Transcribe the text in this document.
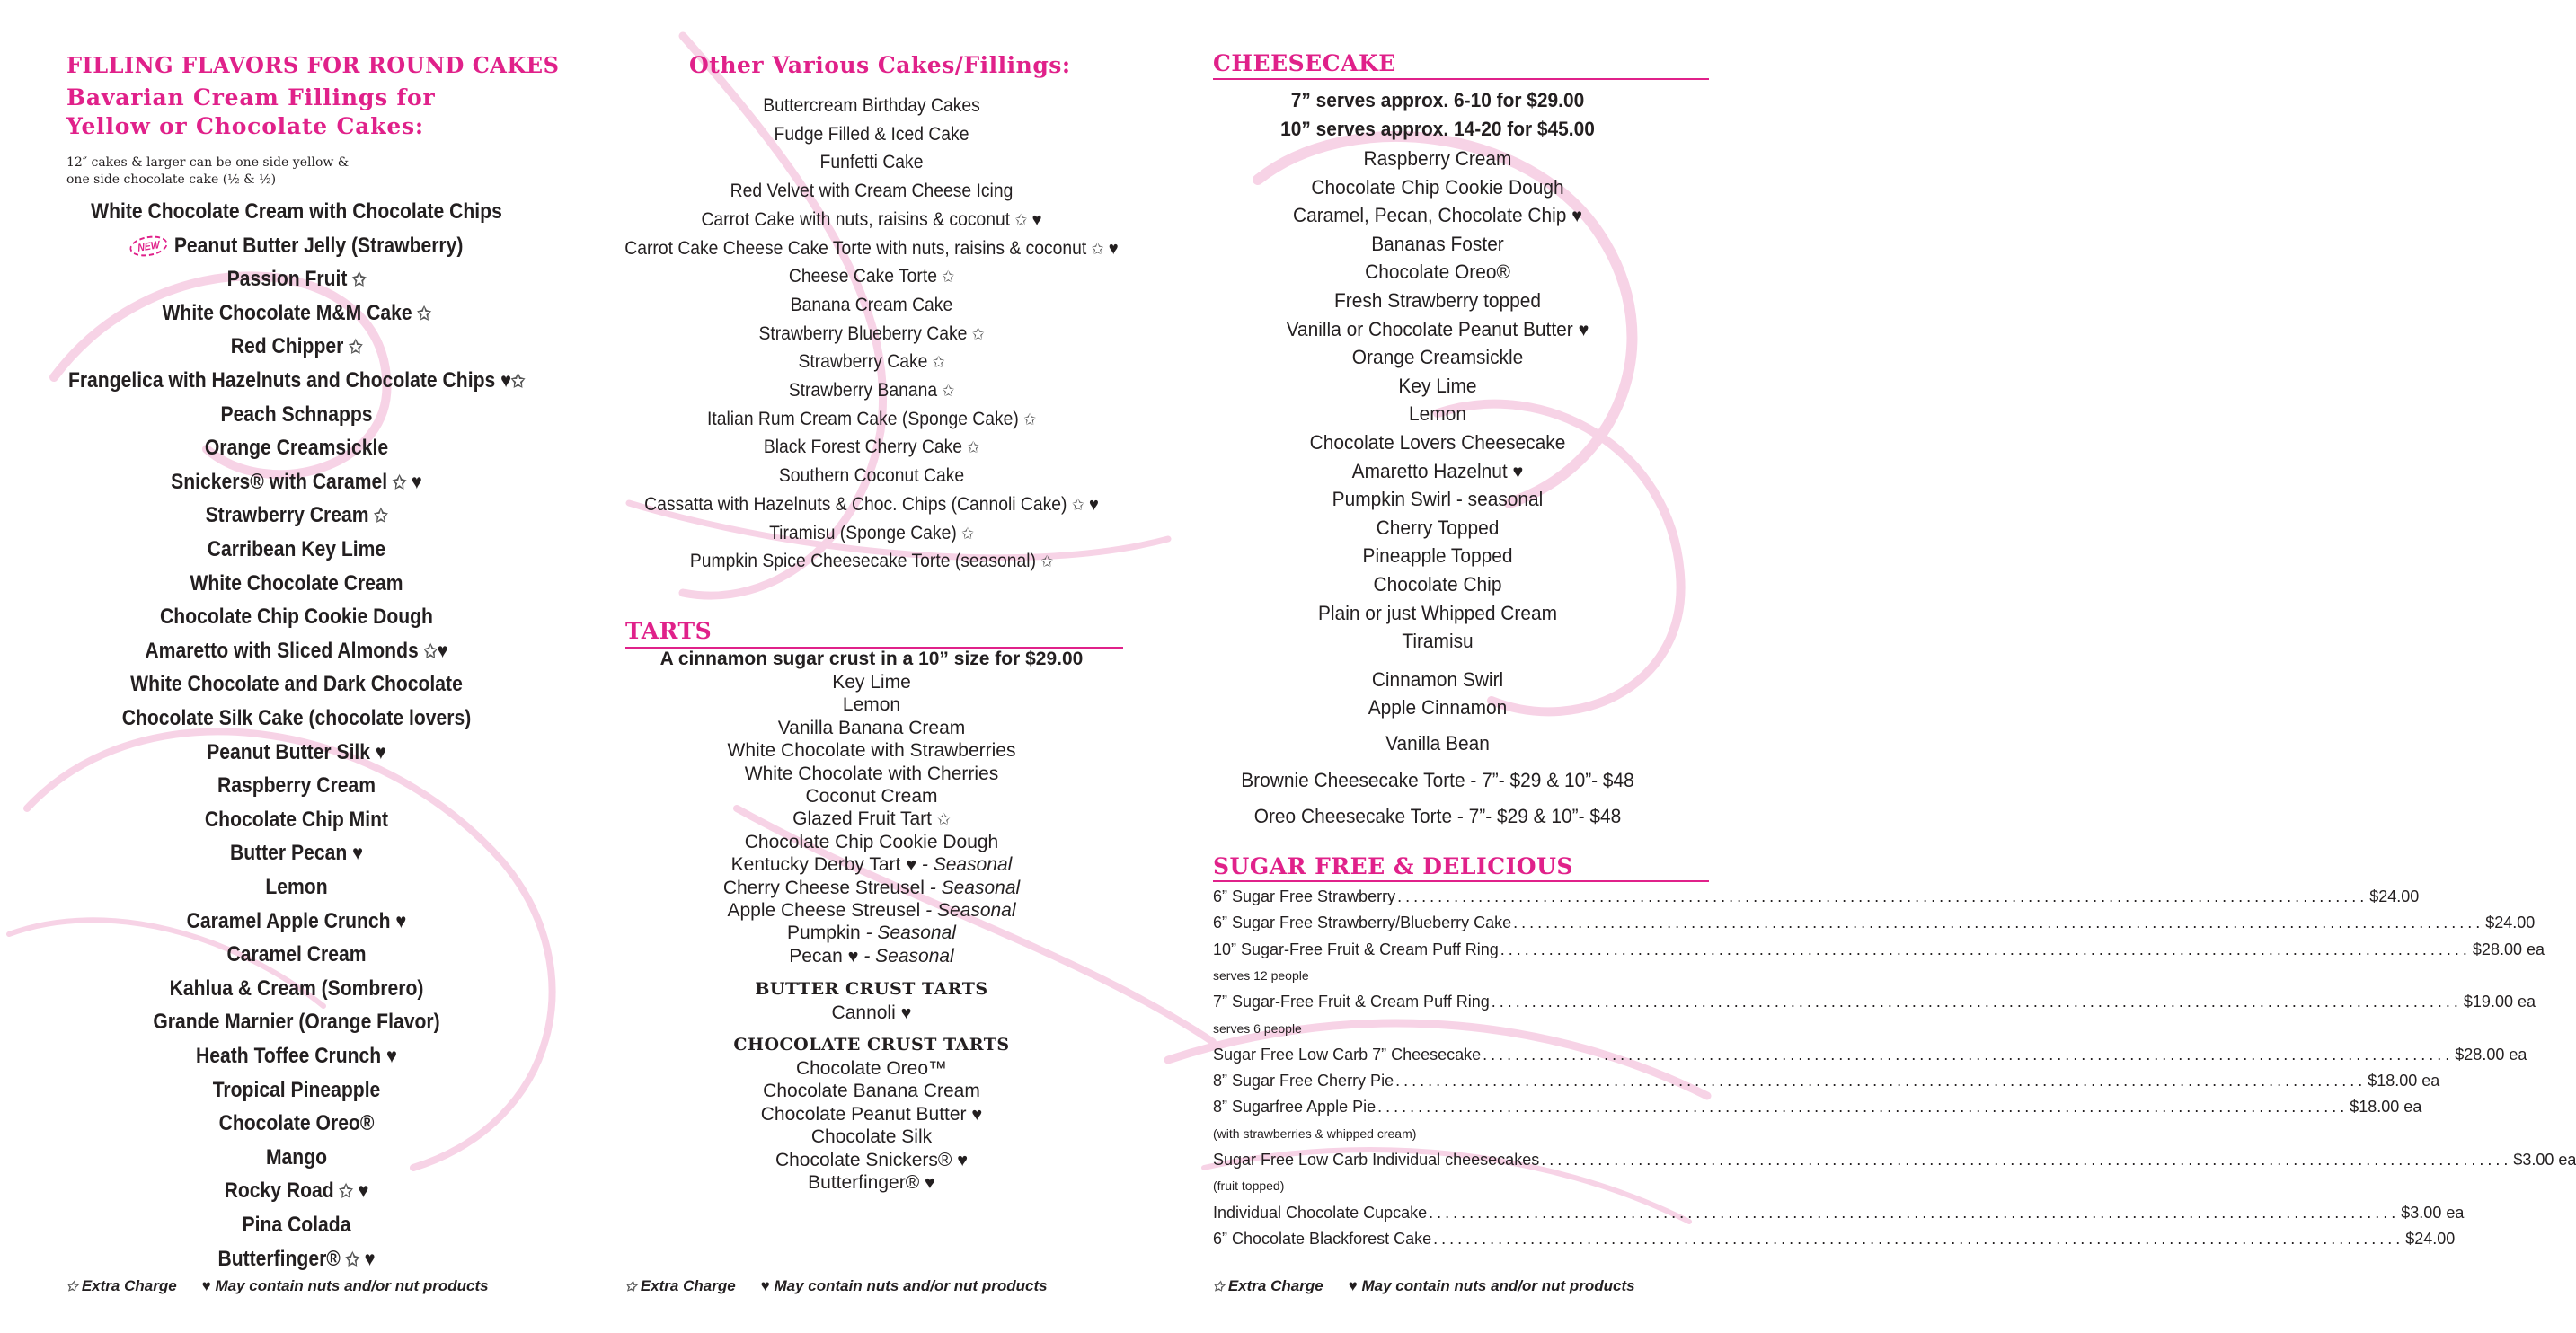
FILLING FLAVORS FOR ROUND CAKES
Bavarian Cream Fillings for
Yellow or Chocolate Cakes:
12″ cakes & larger can be one side yellow &
one side chocolate cake (½ & ½)
White Chocolate Cream with Chocolate Chips
NEW Peanut Butter Jelly (Strawberry)
Passion Fruit ✩
White Chocolate M&M Cake ✩
Red Chipper ✩
Frangelica with Hazelnuts and Chocolate Chips ♥✩
Peach Schnapps
Orange Creamsickle
Snickers® with Caramel ✩ ♥
Strawberry Cream ✩
Carribean Key Lime
White Chocolate Cream
Chocolate Chip Cookie Dough
Amaretto with Sliced Almonds ✩♥
White Chocolate and Dark Chocolate
Chocolate Silk Cake (chocolate lovers)
Peanut Butter Silk ♥
Raspberry Cream
Chocolate Chip Mint
Butter Pecan ♥
Lemon
Caramel Apple Crunch ♥
Caramel Cream
Kahlua & Cream (Sombrero)
Grande Marnier (Orange Flavor)
Heath Toffee Crunch ♥
Tropical Pineapple
Chocolate Oreo®
Mango
Rocky Road ✩ ♥
Pina Colada
Butterfinger® ✩ ♥
✩ Extra Charge ♥ May contain nuts and/or nut products
Other Various Cakes/Fillings:
Buttercream Birthday Cakes
Fudge Filled & Iced Cake
Funfetti Cake
Red Velvet with Cream Cheese Icing
Carrot Cake with nuts, raisins & coconut ✩ ♥
Carrot Cake Cheese Cake Torte with nuts, raisins & coconut ✩ ♥
Cheese Cake Torte ✩
Banana Cream Cake
Strawberry Blueberry Cake ✩
Strawberry Cake ✩
Strawberry Banana ✩
Italian Rum Cream Cake (Sponge Cake) ✩
Black Forest Cherry Cake ✩
Southern Coconut Cake
Cassatta with Hazelnuts & Choc. Chips (Cannoli Cake) ✩ ♥
Tiramisu (Sponge Cake) ✩
Pumpkin Spice Cheesecake Torte (seasonal) ✩
TARTS
A cinnamon sugar crust in a 10” size for $29.00
Key Lime
Lemon
Vanilla Banana Cream
White Chocolate with Strawberries
White Chocolate with Cherries
Coconut Cream
Glazed Fruit Tart ✩
Chocolate Chip Cookie Dough
Kentucky Derby Tart ♥ - Seasonal
Cherry Cheese Streusel - Seasonal
Apple Cheese Streusel - Seasonal
Pumpkin - Seasonal
Pecan ♥ - Seasonal
BUTTER CRUST TARTS
Cannoli ♥
CHOCOLATE CRUST TARTS
Chocolate Oreo™
Chocolate Banana Cream
Chocolate Peanut Butter ♥
Chocolate Silk
Chocolate Snickers® ♥
Butterfinger® ♥
✩ Extra Charge ♥ May contain nuts and/or nut products
CHEESECAKE
7” serves approx. 6-10 for $29.00
10” serves approx. 14-20 for $45.00
Raspberry Cream
Chocolate Chip Cookie Dough
Caramel, Pecan, Chocolate Chip ♥
Bananas Foster
Chocolate Oreo®
Fresh Strawberry topped
Vanilla or Chocolate Peanut Butter ♥
Orange Creamsickle
Key Lime
Lemon
Chocolate Lovers Cheesecake
Amaretto Hazelnut ♥
Pumpkin Swirl - seasonal
Cherry Topped
Pineapple Topped
Chocolate Chip
Plain or just Whipped Cream
Tiramisu
Cinnamon Swirl
Apple Cinnamon
Vanilla Bean
Brownie Cheesecake Torte - 7”- $29 & 10”- $48
Oreo Cheesecake Torte - 7”- $29 & 10”- $48
SUGAR FREE & DELICIOUS
6” Sugar Free Strawberry ........................................................................................................................ $24.00
6” Sugar Free Strawberry/Blueberry Cake ........................................................................................................................ $24.00
10” Sugar-Free Fruit & Cream Puff Ring ........................................................................................................................ $28.00 ea
serves 12 people
7” Sugar-Free Fruit & Cream Puff Ring ........................................................................................................................ $19.00 ea
serves 6 people
Sugar Free Low Carb 7” Cheesecake ........................................................................................................................ $28.00 ea
8” Sugar Free Cherry Pie ........................................................................................................................ $18.00 ea
8” Sugarfree Apple Pie ........................................................................................................................ $18.00 ea
(with strawberries & whipped cream)
Sugar Free Low Carb Individual cheesecakes ........................................................................................................................ $3.00 ea
(fruit topped)
Individual Chocolate Cupcake ........................................................................................................................ $3.00 ea
6” Chocolate Blackforest Cake ........................................................................................................................ $24.00
✩ Extra Charge ♥ May contain nuts and/or nut products
